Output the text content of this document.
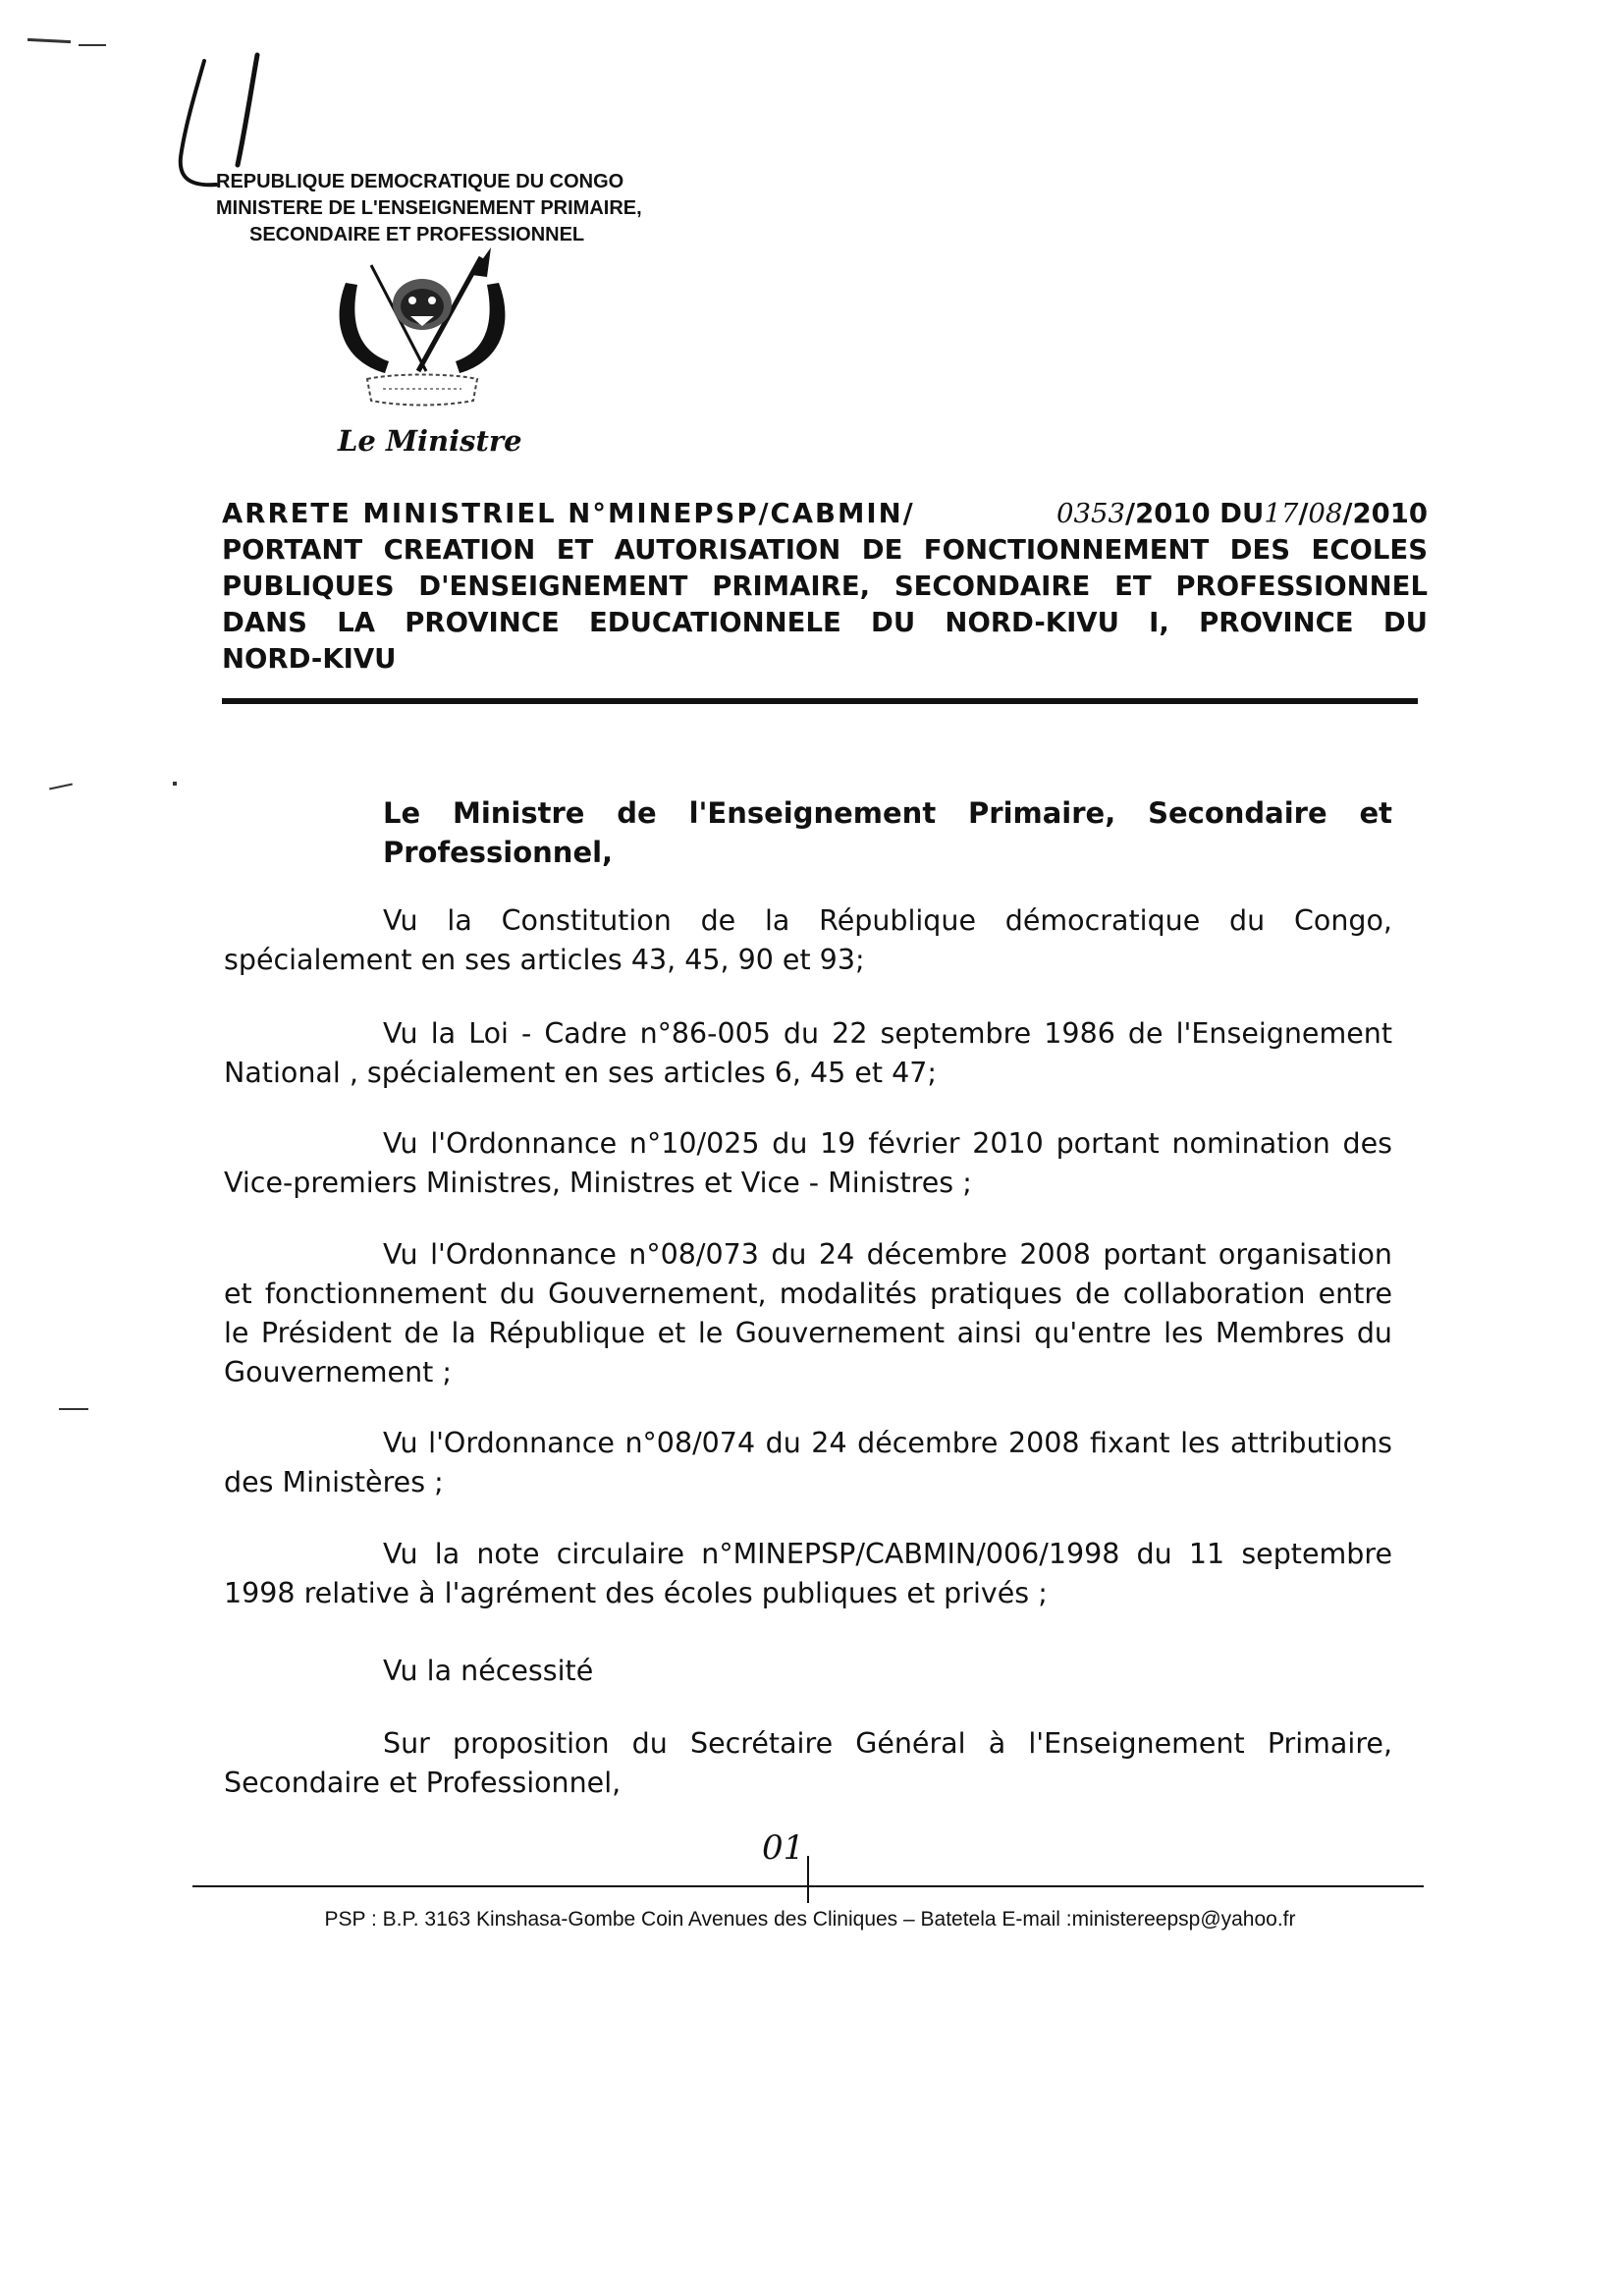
REPUBLIQUE DEMOCRATIQUE DU CONGO
MINISTERE DE L'ENSEIGNEMENT PRIMAIRE,
SECONDAIRE ET PROFESSIONNEL
Le Ministre
ARRETE MINISTRIEL N°MINEPSP/CABMIN/	0353/2010 DU17/08/2010
PORTANT CREATION ET AUTORISATION DE FONCTIONNEMENT DES ECOLES
PUBLIQUES D'ENSEIGNEMENT PRIMAIRE, SECONDAIRE ET PROFESSIONNEL
DANS LA PROVINCE EDUCATIONNELE DU NORD-KIVU I, PROVINCE DU
NORD-KIVU
Le Ministre de l'Enseignement Primaire, Secondaire et Professionnel,
Vu la Constitution de la République démocratique du Congo, spécialement en ses articles 43, 45, 90 et 93;
Vu la Loi - Cadre n°86-005 du 22 septembre 1986 de l'Enseignement National , spécialement en ses articles 6, 45 et 47;
Vu l'Ordonnance n°10/025 du 19 février 2010 portant nomination des Vice-premiers Ministres, Ministres et Vice - Ministres ;
Vu l'Ordonnance n°08/073 du 24 décembre 2008 portant organisation et fonctionnement du Gouvernement, modalités pratiques de collaboration entre le Président de la République et le Gouvernement ainsi qu'entre les Membres du Gouvernement ;
Vu l'Ordonnance n°08/074 du 24 décembre 2008 fixant les attributions des Ministères ;
Vu la note circulaire n°MINEPSP/CABMIN/006/1998 du 11 septembre 1998 relative à l'agrément des écoles publiques et privés ;
Vu la nécessité
Sur proposition du Secrétaire Général à l'Enseignement Primaire, Secondaire et Professionnel,
01
PSP : B.P. 3163 Kinshasa-Gombe Coin Avenues des Cliniques – Batetela E-mail :ministereepsp@yahoo.fr
